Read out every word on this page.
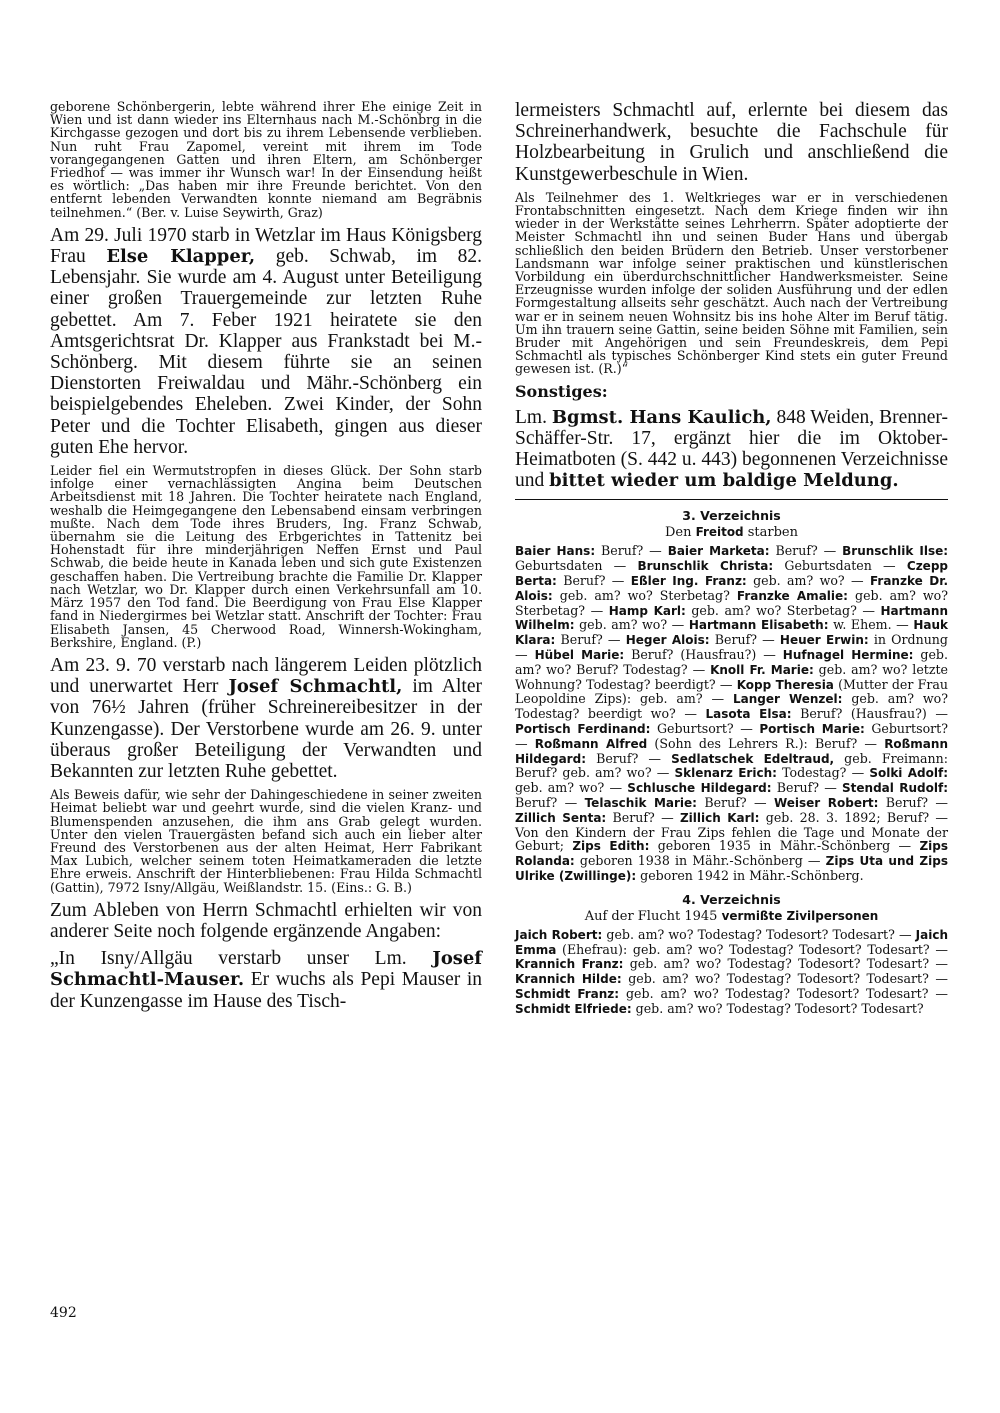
geborene Schönbergerin, lebte während ihrer Ehe einige Zeit in Wien und ist dann wieder ins Elternhaus nach M.-Schönbrg in die Kirchgasse gezogen und dort bis zu ihrem Lebensende verblieben. Nun ruht Frau Zapomel, vereint mit ihrem im Tode vorangegangenen Gatten und ihren Eltern, am Schönberger Friedhof — was immer ihr Wunsch war! In der Einsendung heißt es wörtlich: „Das haben mir ihre Freunde berichtet. Von den entfernt lebenden Verwandten konnte niemand am Begräbnis teilnehmen.“ (Ber. v. Luise Seywirth, Graz)

Am 29. Juli 1970 starb in Wetzlar im Haus Königsberg Frau Else Klapper, geb. Schwab, im 82. Lebensjahr. Sie wurde am 4. August unter Beteiligung einer großen Trauergemeinde zur letzten Ruhe gebettet. Am 7. Feber 1921 heiratete sie den Amtsgerichtsrat Dr. Klapper aus Frankstadt bei M.-Schönberg. Mit diesem führte sie an seinen Dienstorten Freiwaldau und Mähr.-Schönberg ein beispielgebendes Eheleben. Zwei Kinder, der Sohn Peter und die Tochter Elisabeth, gingen aus dieser guten Ehe hervor.

Leider fiel ein Wermutstropfen in dieses Glück. Der Sohn starb infolge einer vernachlässigten Angina beim Deutschen Arbeitsdienst mit 18 Jahren. Die Tochter heiratete nach England, weshalb die Heimgegangene den Lebensabend einsam verbringen mußte. Nach dem Tode ihres Bruders, Ing. Franz Schwab, übernahm sie die Leitung des Erbgerichtes in Tattenitz bei Hohenstadt für ihre minderjährigen Neffen Ernst und Paul Schwab, die beide heute in Kanada leben und sich gute Existenzen geschaffen haben. Die Vertreibung brachte die Familie Dr. Klapper nach Wetzlar, wo Dr. Klapper durch einen Verkehrsunfall am 10. März 1957 den Tod fand. Die Beerdigung von Frau Else Klapper fand in Niedergirmes bei Wetzlar statt. Anschrift der Tochter: Frau Elisabeth Jansen, 45 Cherwood Road, Winnersh-Wokingham, Berkshire, England. (P.)

Am 23. 9. 70 verstarb nach längerem Leiden plötzlich und unerwartet Herr Josef Schmachtl, im Alter von 76½ Jahren (früher Schreinereibesitzer in der Kunzengasse). Der Verstorbene wurde am 26. 9. unter überaus großer Beteiligung der Verwandten und Bekannten zur letzten Ruhe gebettet.

Als Beweis dafür, wie sehr der Dahingeschiedene in seiner zweiten Heimat beliebt war und geehrt wurde, sind die vielen Kranz- und Blumenspenden anzusehen, die ihm ans Grab gelegt wurden. Unter den vielen Trauergästen befand sich auch ein lieber alter Freund des Verstorbenen aus der alten Heimat, Herr Fabrikant Max Lubich, welcher seinem toten Heimatkameraden die letzte Ehre erweis. Anschrift der Hinterbliebenen: Frau Hilda Schmachtl (Gattin), 7972 Isny/Allgäu, Weißlandstr. 15. (Eins.: G. B.)

Zum Ableben von Herrn Schmachtl erhielten wir von anderer Seite noch folgende ergänzende Angaben:

„In Isny/Allgäu verstarb unser Lm. Josef Schmachtl-Mauser. Er wuchs als Pepi Mauser in der Kunzengasse im Hause des Tisch-

lermeisters Schmachtl auf, erlernte bei diesem das Schreinerhandwerk, besuchte die Fachschule für Holzbearbeitung in Grulich und anschließend die Kunstgewerbeschule in Wien.

Als Teilnehmer des 1. Weltkrieges war er in verschiedenen Frontabschnitten eingesetzt. Nach dem Kriege finden wir ihn wieder in der Werkstätte seines Lehrherrn. Später adoptierte der Meister Schmachtl ihn und seinen Buder Hans und übergab schließlich den beiden Brüdern den Betrieb. Unser verstorbener Landsmann war infolge seiner praktischen und künstlerischen Vorbildung ein überdurchschnittlicher Handwerksmeister. Seine Erzeugnisse wurden infolge der soliden Ausführung und der edlen Formgestaltung allseits sehr geschätzt. Auch nach der Vertreibung war er in seinem neuen Wohnsitz bis ins hohe Alter im Beruf tätig. Um ihn trauern seine Gattin, seine beiden Söhne mit Familien, sein Bruder mit Angehörigen und sein Freundeskreis, dem Pepi Schmachtl als typisches Schönberger Kind stets ein guter Freund gewesen ist. (R.)“

Sonstiges:

Lm. Bgmst. Hans Kaulich, 848 Weiden, Brenner-Schäffer-Str. 17, ergänzt hier die im Oktober-Heimatboten (S. 442 u. 443) begonnenen Verzeichnisse und bittet wieder um baldige Meldung.

3. Verzeichnis
Den Freitod starben

Baier Hans: Beruf? — Baier Marketa: Beruf? — Brunschlik Ilse: Geburtsdaten — Brunschlik Christa: Geburtsdaten — Czepp Berta: Beruf? — Eßler Ing. Franz: geb. am? wo? — Franzke Dr. Alois: geb. am? wo? Sterbetag? Franzke Amalie: geb. am? wo? Sterbetag? — Hamp Karl: geb. am? wo? Sterbetag? — Hartmann Wilhelm: geb. am? wo? — Hartmann Elisabeth: w. Ehem. — Hauk Klara: Beruf? — Heger Alois: Beruf? — Heuer Erwin: in Ordnung — Hübel Marie: Beruf? (Hausfrau?) — Hufnagel Hermine: geb. am? wo? Beruf? Todestag? — Knoll Fr. Marie: geb. am? wo? letzte Wohnung? Todestag? beerdigt? — Kopp Theresia (Mutter der Frau Leopoldine Zips): geb. am? — Langer Wenzel: geb. am? wo? Todestag? beerdigt wo? — Lasota Elsa: Beruf? (Hausfrau?) — Portisch Ferdinand: Geburtsort? — Portisch Marie: Geburtsort? — Roßmann Alfred (Sohn des Lehrers R.): Beruf? — Roßmann Hildegard: Beruf? — Sedlatschek Edeltraud, geb. Freimann: Beruf? geb. am? wo? — Sklenarz Erich: Todestag? — Solki Adolf: geb. am? wo? — Schlusche Hildegard: Beruf? — Stendal Rudolf: Beruf? — Telaschik Marie: Beruf? — Weiser Robert: Beruf? — Zillich Senta: Beruf? — Zillich Karl: geb. 28. 3. 1892; Beruf? — Von den Kindern der Frau Zips fehlen die Tage und Monate der Geburt; Zips Edith: geboren 1935 in Mähr.-Schönberg — Zips Rolanda: geboren 1938 in Mähr.-Schönberg — Zips Uta und Zips Ulrike (Zwillinge): geboren 1942 in Mähr.-Schönberg.

4. Verzeichnis
Auf der Flucht 1945 vermißte Zivilpersonen

Jaich Robert: geb. am? wo? Todestag? Todesort? Todesart? — Jaich Emma (Ehefrau): geb. am? wo? Todestag? Todesort? Todesart? — Krannich Franz: geb. am? wo? Todestag? Todesort? Todesart? — Krannich Hilde: geb. am? wo? Todestag? Todesort? Todesart? — Schmidt Franz: geb. am? wo? Todestag? Todesort? Todesart? — Schmidt Elfriede: geb. am? wo? Todestag? Todesort? Todesart?

492
